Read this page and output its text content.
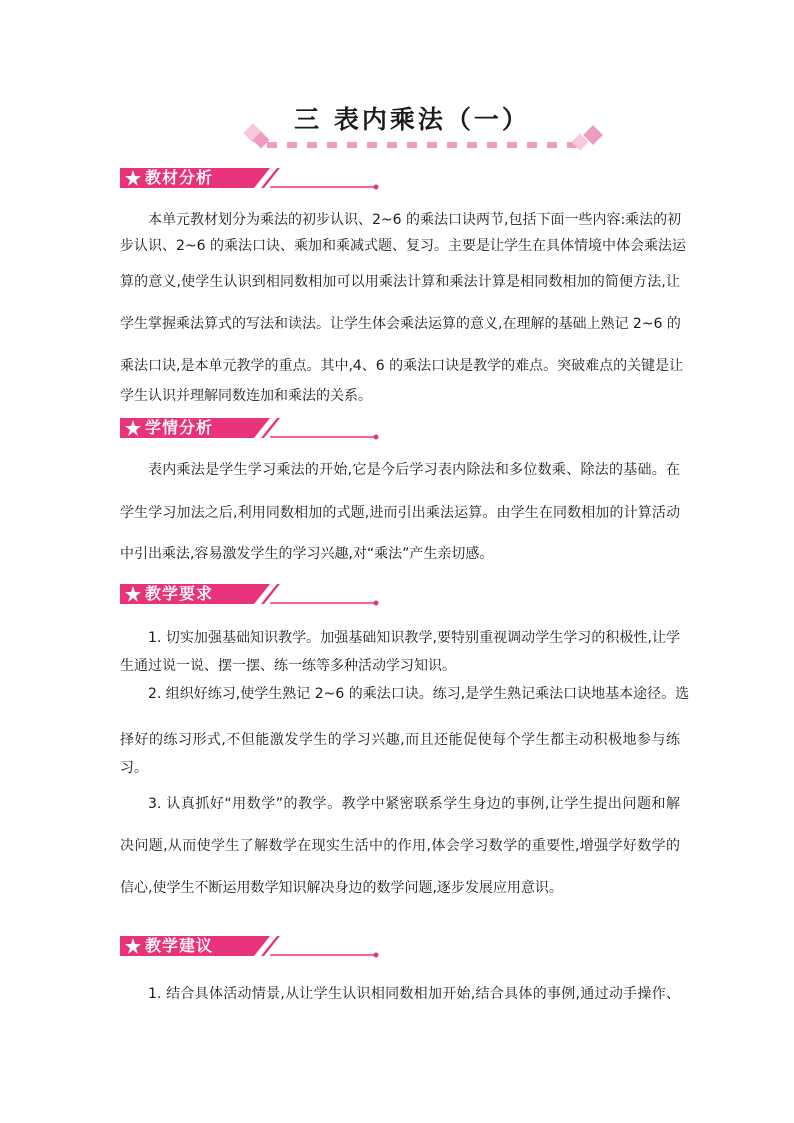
三 表内乘法（一）
教材分析
本单元教材划分为乘法的初步认识、2~6 的乘法口诀两节,包括下面一些内容:乘法的初
步认识、2~6 的乘法口诀、乘加和乘减式题、复习。主要是让学生在具体情境中体会乘法运
算的意义,使学生认识到相同数相加可以用乘法计算和乘法计算是相同数相加的简便方法,让
学生掌握乘法算式的写法和读法。让学生体会乘法运算的意义,在理解的基础上熟记 2~6 的
乘法口诀,是本单元教学的重点。其中,4、6 的乘法口诀是教学的难点。突破难点的关键是让
学生认识并理解同数连加和乘法的关系。
学情分析
表内乘法是学生学习乘法的开始,它是今后学习表内除法和多位数乘、除法的基础。在
学生学习加法之后,利用同数相加的式题,进而引出乘法运算。由学生在同数相加的计算活动
中引出乘法,容易激发学生的学习兴趣,对“乘法”产生亲切感。
教学要求
1. 切实加强基础知识教学。加强基础知识教学,要特别重视调动学生学习的积极性,让学
生通过说一说、摆一摆、练一练等多种活动学习知识。
2. 组织好练习,使学生熟记 2~6 的乘法口诀。练习,是学生熟记乘法口诀地基本途径。选
择好的练习形式,不但能激发学生的学习兴趣,而且还能促使每个学生都主动积极地参与练
习。
3. 认真抓好“用数学”的教学。教学中紧密联系学生身边的事例,让学生提出问题和解
决问题,从而使学生了解数学在现实生活中的作用,体会学习数学的重要性,增强学好数学的
信心,使学生不断运用数学知识解决身边的数学问题,逐步发展应用意识。
教学建议
1. 结合具体活动情景,从让学生认识相同数相加开始,结合具体的事例,通过动手操作、
